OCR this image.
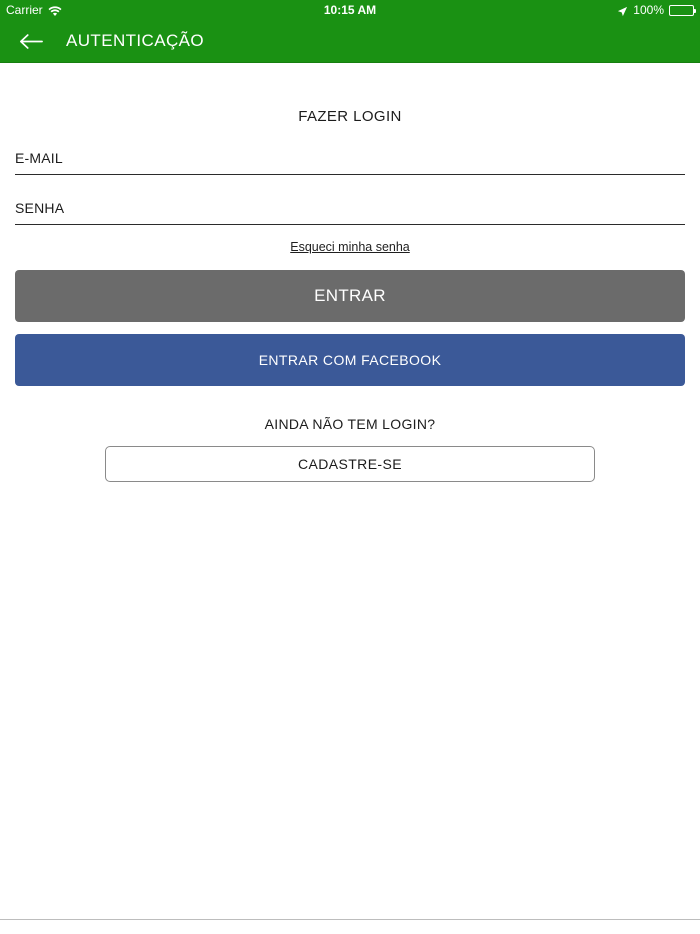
Carrier	10:15 AM	100%
AUTENTICAÇÃO
FAZER LOGIN
E-MAIL
Esqueci minha senha
ENTRAR
ENTRAR COM FACEBOOK
AINDA NÃO TEM LOGIN?
CADASTRE-SE
